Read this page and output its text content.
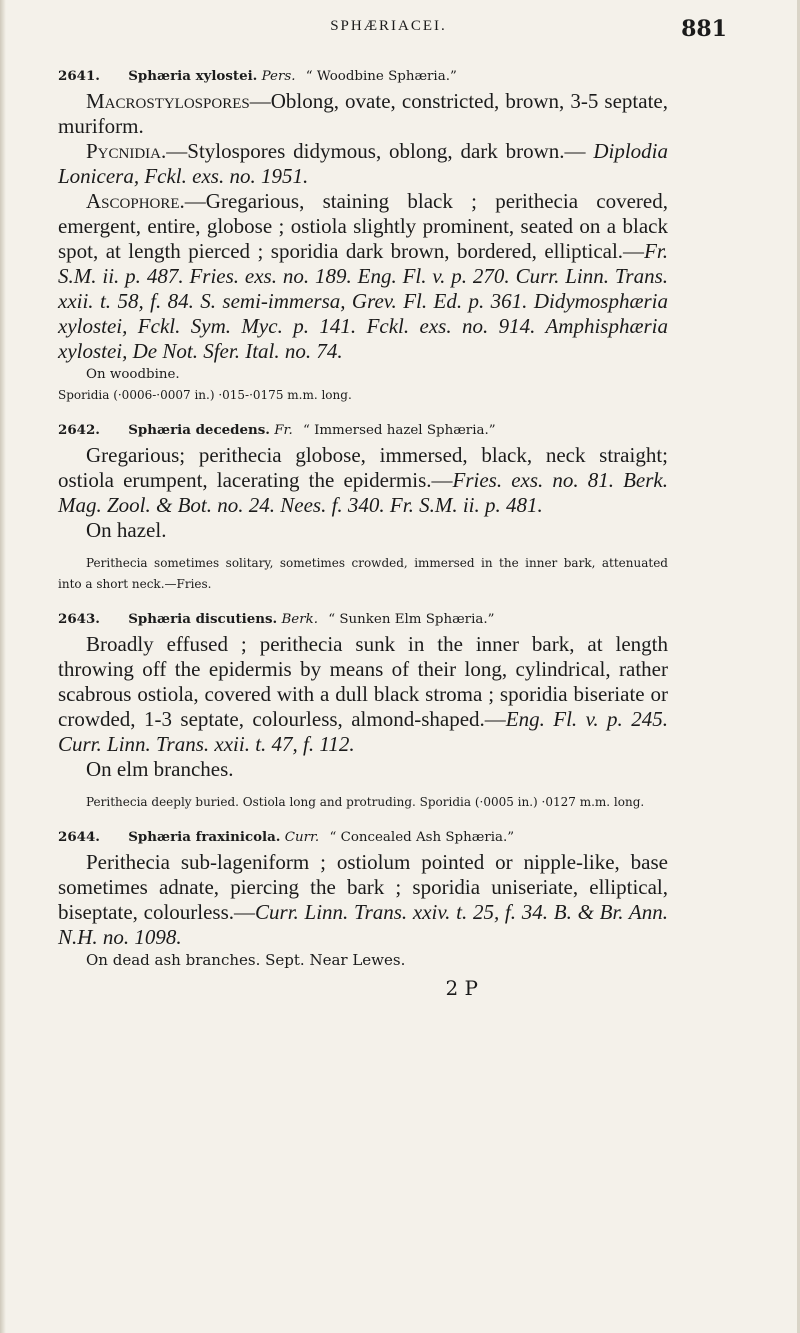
SPHÆRIACEI.	881

2641. Sphæria xylostei. Pers. “ Woodbine Sphæria.”

Macrostylospores—Oblong, ovate, constricted, brown, 3-5 septate, muriform.

Pycnidia.—Stylospores didymous, oblong, dark brown.— Diplodia Lonicera, Fckl. exs. no. 1951.

Ascophore.—Gregarious, staining black ; perithecia covered, emergent, entire, globose ; ostiola slightly prominent, seated on a black spot, at length pierced ; sporidia dark brown, bordered, elliptical.—Fr. S.M. ii. p. 487. Fries. exs. no. 189. Eng. Fl. v. p. 270. Curr. Linn. Trans. xxii. t. 58, f. 84. S. semi-immersa, Grev. Fl. Ed. p. 361. Didymosphæria xylostei, Fckl. Sym. Myc. p. 141. Fckl. exs. no. 914. Amphisphæria xylostei, De Not. Sfer. Ital. no. 74.

On woodbine.

Sporidia (·0006-·0007 in.) ·015-·0175 m.m. long.

2642. Sphæria decedens. Fr. “ Immersed hazel Sphæria.”

Gregarious; perithecia globose, immersed, black, neck straight; ostiola erumpent, lacerating the epidermis.—Fries. exs. no. 81. Berk. Mag. Zool. & Bot. no. 24. Nees. f. 340. Fr. S.M. ii. p. 481.

On hazel.

Perithecia sometimes solitary, sometimes crowded, immersed in the inner bark, attenuated into a short neck.—Fries.

2643. Sphæria discutiens. Berk. “ Sunken Elm Sphæria.”

Broadly effused ; perithecia sunk in the inner bark, at length throwing off the epidermis by means of their long, cylindrical, rather scabrous ostiola, covered with a dull black stroma ; sporidia biseriate or crowded, 1-3 septate, colourless, almond-shaped.—Eng. Fl. v. p. 245. Curr. Linn. Trans. xxii. t. 47, f. 112.

On elm branches.

Perithecia deeply buried. Ostiola long and protruding. Sporidia (·0005 in.) ·0127 m.m. long.

2644. Sphæria fraxinicola. Curr. “ Concealed Ash Sphæria.”

Perithecia sub-lageniform ; ostiolum pointed or nipple-like, base sometimes adnate, piercing the bark ; sporidia uniseriate, elliptical, biseptate, colourless.—Curr. Linn. Trans. xxiv. t. 25, f. 34. B. & Br. Ann. N.H. no. 1098.

On dead ash branches. Sept. Near Lewes.

2 P
